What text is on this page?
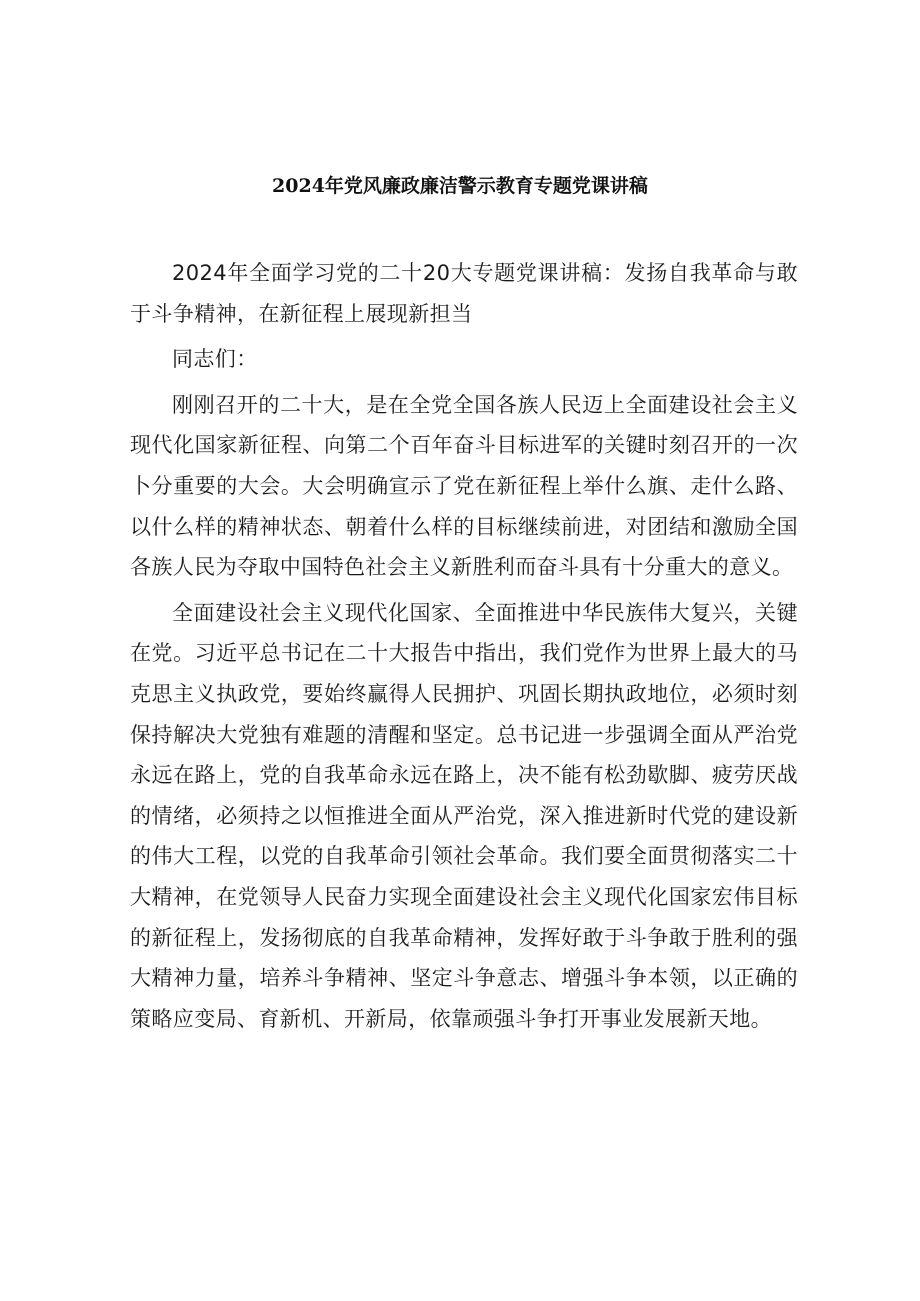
2024年党风廉政廉洁警示教育专题党课讲稿

2024年全面学习党的二十20大专题党课讲稿：发扬自我革命与敢于斗争精神，在新征程上展现新担当

同志们：

刚刚召开的二十大，是在全党全国各族人民迈上全面建设社会主义现代化国家新征程、向第二个百年奋斗目标进军的关键时刻召开的一次卜分重要的大会。大会明确宣示了党在新征程上举什么旗、走什么路、以什么样的精神状态、朝着什么样的目标继续前进，对团结和激励全国各族人民为夺取中国特色社会主义新胜利而奋斗具有十分重大的意义。

全面建设社会主义现代化国家、全面推进中华民族伟大复兴，关键在党。习近平总书记在二十大报告中指出，我们党作为世界上最大的马克思主义执政党，要始终赢得人民拥护、巩固长期执政地位，必须时刻保持解决大党独有难题的清醒和坚定。总书记进一步强调全面从严治党永远在路上，党的自我革命永远在路上，决不能有松劲歇脚、疲劳厌战的情绪，必须持之以恒推进全面从严治党，深入推进新时代党的建设新的伟大工程，以党的自我革命引领社会革命。我们要全面贯彻落实二十大精神，在党领导人民奋力实现全面建设社会主义现代化国家宏伟目标的新征程上，发扬彻底的自我革命精神，发挥好敢于斗争敢于胜利的强大精神力量，培养斗争精神、坚定斗争意志、增强斗争本领，以正确的策略应变局、育新机、开新局，依靠顽强斗争打开事业发展新天地。
